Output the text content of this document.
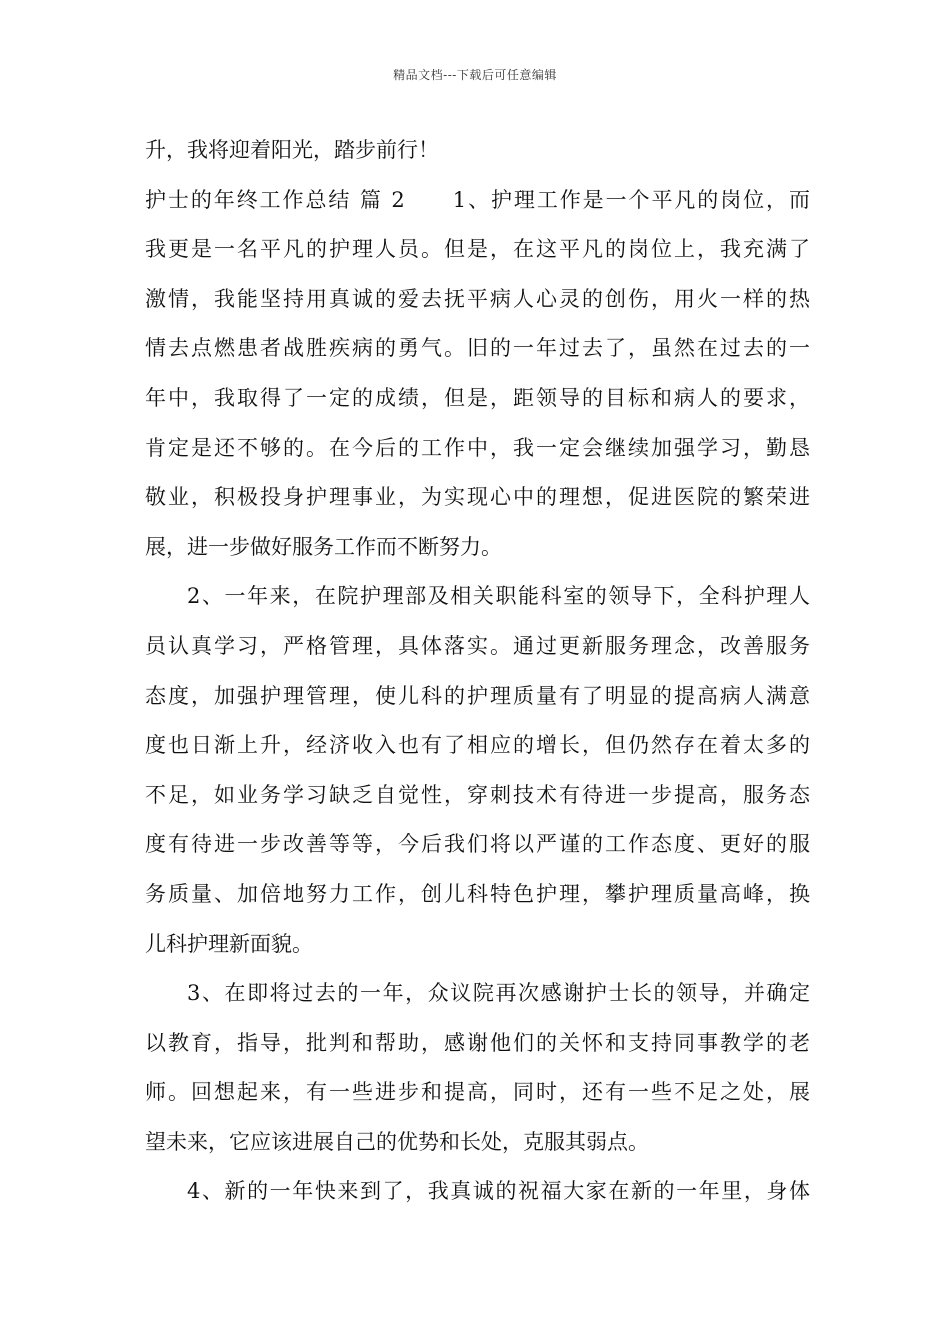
精品文档---下载后可任意编辑
升，我将迎着阳光，踏步前行！
护士的年终工作总结 篇 2 1、护理工作是一个平凡的岗位，而
我更是一名平凡的护理人员。但是，在这平凡的岗位上，我充满了
激情，我能坚持用真诚的爱去抚平病人心灵的创伤，用火一样的热
情去点燃患者战胜疾病的勇气。旧的一年过去了，虽然在过去的一
年中，我取得了一定的成绩，但是，距领导的目标和病人的要求，
肯定是还不够的。在今后的工作中，我一定会继续加强学习，勤恳
敬业，积极投身护理事业，为实现心中的理想，促进医院的繁荣进
展，进一步做好服务工作而不断努力。
2、一年来，在院护理部及相关职能科室的领导下，全科护理人
员认真学习，严格管理，具体落实。通过更新服务理念，改善服务
态度，加强护理管理，使儿科的护理质量有了明显的提高病人满意
度也日渐上升，经济收入也有了相应的增长，但仍然存在着太多的
不足，如业务学习缺乏自觉性，穿刺技术有待进一步提高，服务态
度有待进一步改善等等，今后我们将以严谨的工作态度、更好的服
务质量、加倍地努力工作，创儿科特色护理，攀护理质量高峰，换
儿科护理新面貌。
3、在即将过去的一年，众议院再次感谢护士长的领导，并确定
以教育，指导，批判和帮助，感谢他们的关怀和支持同事教学的老
师。回想起来，有一些进步和提高，同时，还有一些不足之处，展
望未来，它应该进展自己的优势和长处，克服其弱点。
4、新的一年快来到了，我真诚的祝福大家在新的一年里，身体
